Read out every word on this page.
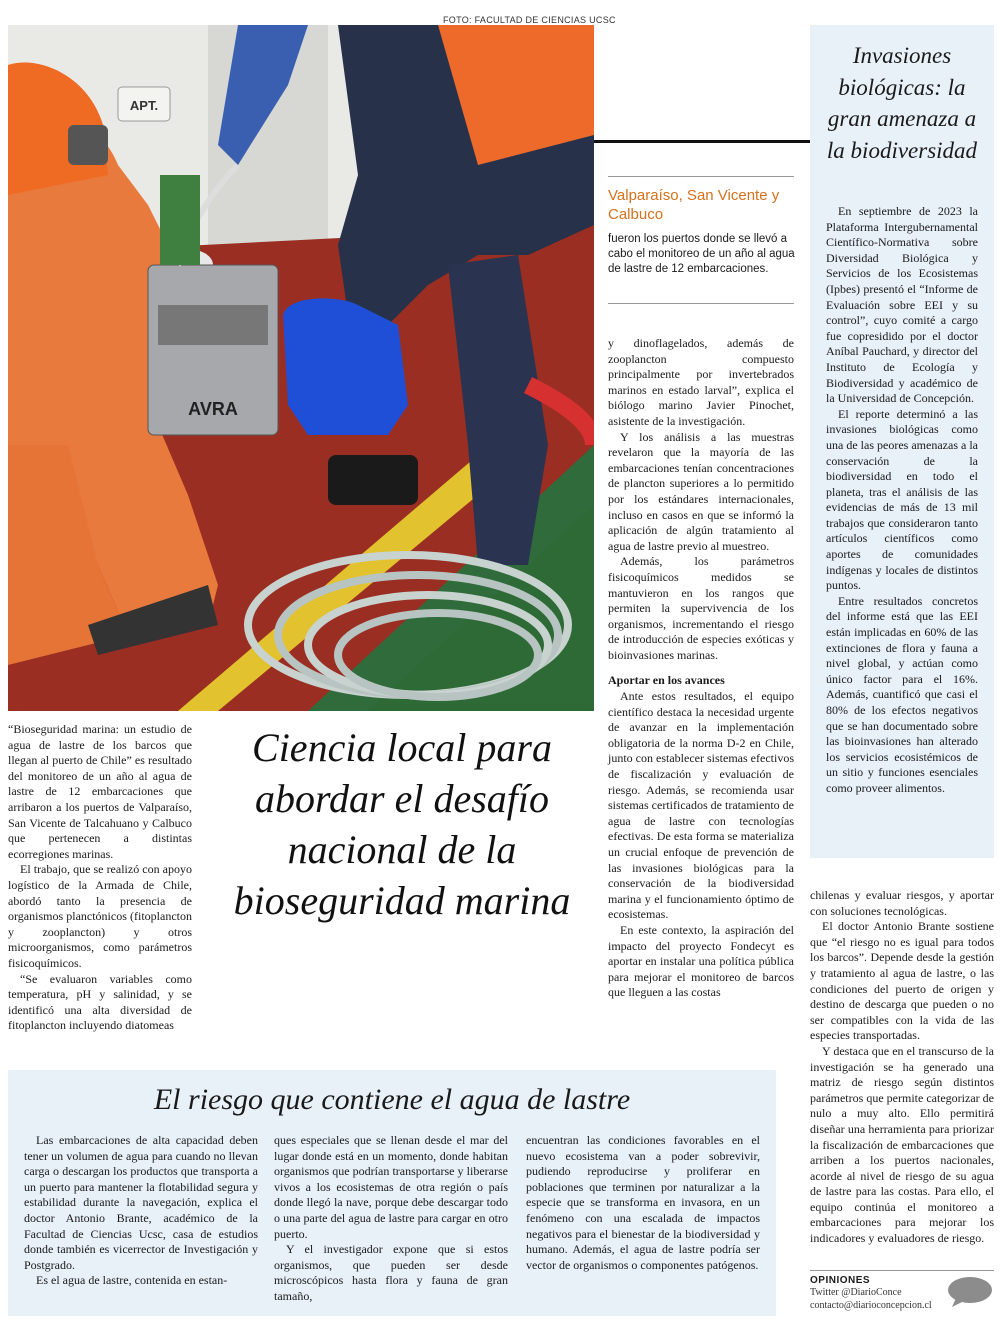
FOTO: FACULTAD DE CIENCIAS UCSC
APT.
AVRA
Valparaíso, San Vicente y Calbuco
fueron los puertos donde se llevó a cabo el monitoreo de un año al agua de lastre de 12 embarcaciones.

“Bioseguridad marina: un estudio de agua de lastre de los barcos que llegan al puerto de Chile” es resultado del monitoreo de un año al agua de lastre de 12 embarcaciones que arribaron a los puertos de Valparaíso, San Vicente de Talcahuano y Calbuco que pertenecen a distintas ecorregiones marinas.

El trabajo, que se realizó con apoyo logístico de la Armada de Chile, abordó tanto la presencia de organismos planctónicos (fitoplancton y zooplancton) y otros microorganismos, como parámetros fisicoquímicos.

“Se evaluaron variables como temperatura, pH y salinidad, y se identificó una alta diversidad de fitoplancton incluyendo diatomeas

Ciencia local para abordar el desafío nacional de la bioseguridad marina

y dinoflagelados, además de zooplancton compuesto principalmente por invertebrados marinos en estado larval”, explica el biólogo marino Javier Pinochet, asistente de la investigación.

Y los análisis a las muestras revelaron que la mayoría de las embarcaciones tenían concentraciones de plancton superiores a lo permitido por los estándares internacionales, incluso en casos en que se informó la aplicación de algún tratamiento al agua de lastre previo al muestreo.

Además, los parámetros fisicoquímicos medidos se mantuvieron en los rangos que permiten la supervivencia de los organismos, incrementando el riesgo de introducción de especies exóticas y bioinvasiones marinas.

Aportar en los avances

Ante estos resultados, el equipo científico destaca la necesidad urgente de avanzar en la implementación obligatoria de la norma D-2 en Chile, junto con establecer sistemas efectivos de fiscalización y evaluación de riesgo. Además, se recomienda usar sistemas certificados de tratamiento de agua de lastre con tecnologías efectivas. De esta forma se materializa un crucial enfoque de prevención de las invasiones biológicas para la conservación de la biodiversidad marina y el funcionamiento óptimo de ecosistemas.

En este contexto, la aspiración del impacto del proyecto Fondecyt es aportar en instalar una política pública para mejorar el monitoreo de barcos que lleguen a las costas

Invasiones biológicas: la gran amenaza a la biodiversidad

En septiembre de 2023 la Plataforma Intergubernamental Científico-Normativa sobre Diversidad Biológica y Servicios de los Ecosistemas (Ipbes) presentó el “Informe de Evaluación sobre EEI y su control”, cuyo comité a cargo fue copresidido por el doctor Aníbal Pauchard, y director del Instituto de Ecología y Biodiversidad y académico de la Universidad de Concepción.

El reporte determinó a las invasiones biológicas como una de las peores amenazas a la conservación de la biodiversidad en todo el planeta, tras el análisis de las evidencias de más de 13 mil trabajos que consideraron tanto artículos científicos como aportes de comunidades indígenas y locales de distintos puntos.

Entre resultados concretos del informe está que las EEI están implicadas en 60% de las extinciones de flora y fauna a nivel global, y actúan como único factor para el 16%. Además, cuantificó que casi el 80% de los efectos negativos que se han documentado sobre las bioinvasiones han alterado los servicios ecosistémicos de un sitio y funciones esenciales como proveer alimentos.

chilenas y evaluar riesgos, y aportar con soluciones tecnológicas.

El doctor Antonio Brante sostiene que “el riesgo no es igual para todos los barcos”. Depende desde la gestión y tratamiento al agua de lastre, o las condiciones del puerto de origen y destino de descarga que pueden o no ser compatibles con la vida de las especies transportadas.

Y destaca que en el transcurso de la investigación se ha generado una matriz de riesgo según distintos parámetros que permite categorizar de nulo a muy alto. Ello permitirá diseñar una herramienta para priorizar la fiscalización de embarcaciones que arriben a los puertos nacionales, acorde al nivel de riesgo de su agua de lastre para las costas. Para ello, el equipo continúa el monitoreo a embarcaciones para mejorar los indicadores y evaluadores de riesgo.

El riesgo que contiene el agua de lastre

Las embarcaciones de alta capacidad deben tener un volumen de agua para cuando no llevan carga o descargan los productos que transporta a un puerto para mantener la flotabilidad segura y estabilidad durante la navegación, explica el doctor Antonio Brante, académico de la Facultad de Ciencias Ucsc, casa de estudios donde también es vicerrector de Investigación y Postgrado.

Es el agua de lastre, contenida en estan-

ques especiales que se llenan desde el mar del lugar donde está en un momento, donde habitan organismos que podrían transportarse y liberarse vivos a los ecosistemas de otra región o país donde llegó la nave, porque debe descargar todo o una parte del agua de lastre para cargar en otro puerto.

Y el investigador expone que si estos organismos, que pueden ser desde microscópicos hasta flora y fauna de gran tamaño,

encuentran las condiciones favorables en el nuevo ecosistema van a poder sobrevivir, pudiendo reproducirse y proliferar en poblaciones que terminen por naturalizar a la especie que se transforma en invasora, en un fenómeno con una escalada de impactos negativos para el bienestar de la biodiversidad y humano. Además, el agua de lastre podría ser vector de organismos o componentes patógenos.

OPINIONES
Twitter @DiarioConce
contacto@diarioconcepcion.cl
